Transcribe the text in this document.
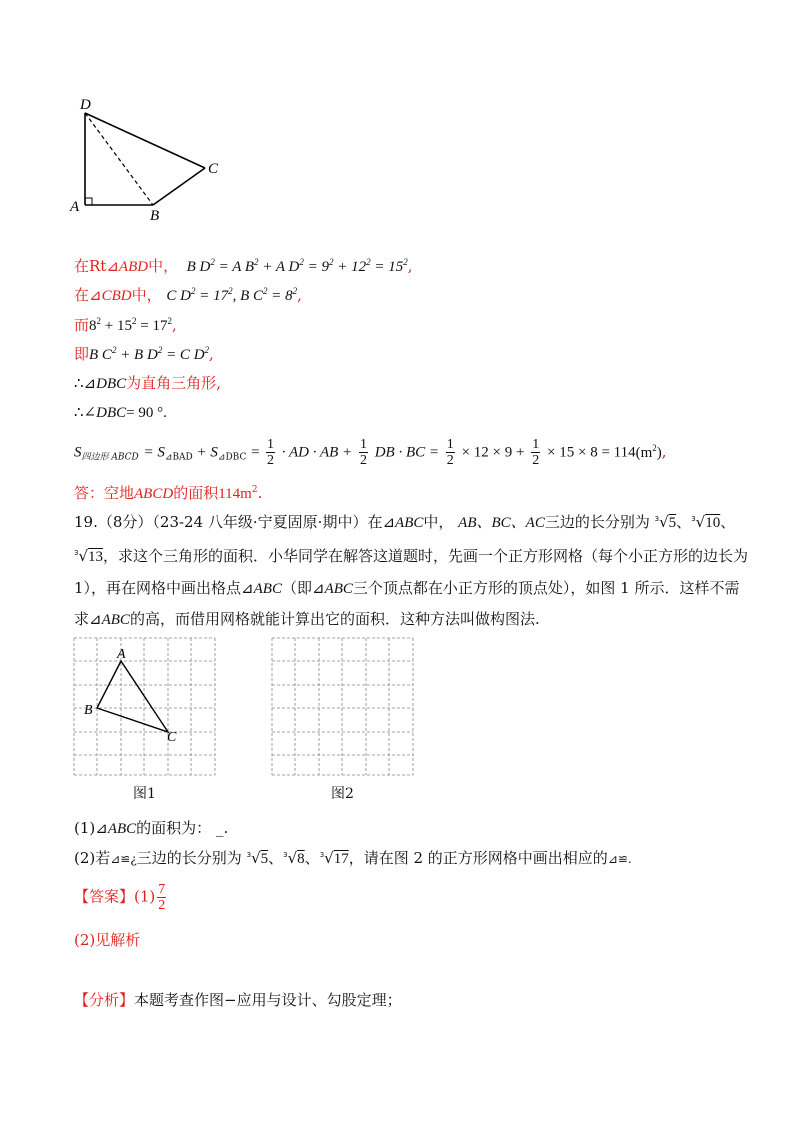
D
A
B
C
在Rt⊿ABD中，  B $D^2 = A$ $B^2 + A$ $D^2 = 9^2 + 12^2 = 15^2$,
在⊿CBD中， C $D^2 = 17^2$, B $C^2 = 8^2$,
而$8^2 + 15^2 = 17^2$,
即B $C^2 + B$ $D^2 = C$ $D^2$,
∴⊿DBC为直角三角形,
∴∠DBC= 90 °.
$S_{四边形 ABCD} = S_{⊿BAD} + S_{⊿DBC} = \frac{1}{2}$ · AD · AB + $\frac{1}{2}$ DB · BC = $\frac{1}{2} \times 12 \times 9 + \frac{1}{2} \times 15 \times 8 = 114(m^2)$,
答：空地ABCD的面积$114m^2$.
19.（8分）（23-24 八年级·宁夏固原·期中）在⊿ABC中， AB、BC、AC三边的长分别为 $^3$√5、$^3$√10、
$^3$√13，求这个三角形的面积．小华同学在解答这道题时，先画一个正方形网格（每个小正方形的边长为
1），再在网格中画出格点⊿ABC（即⊿ABC三个顶点都在小正方形的顶点处），如图 1 所示．这样不需
求⊿ABC的高，而借用网格就能计算出它的面积．这种方法叫做构图法.
A
B
C
图1	图2
(1)⊿ABC的面积为： _.
(2)若⊿≌¿三边的长分别为 $^3$√5、$^3$√8、$^3$√17，请在图 2 的正方形网格中画出相应的⊿≌.
【答案】$(1) \frac{7}{2}$
(2)见解析
【分析】本题考查作图−应用与设计、勾股定理；
